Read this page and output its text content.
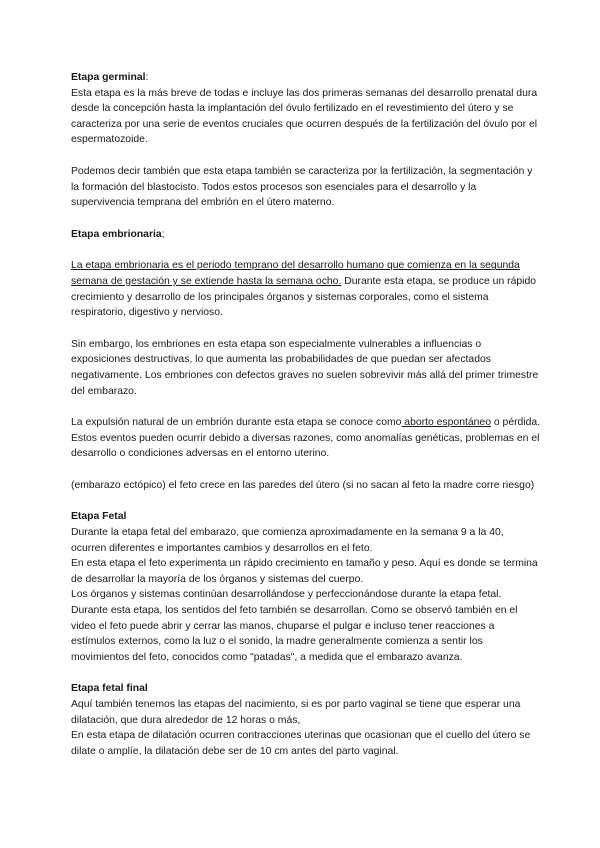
Etapa germinal:

Esta etapa es la más breve de todas e incluye las dos primeras semanas del desarrollo prenatal dura desde la concepción hasta la implantación del óvulo fertilizado en el revestimiento del útero y se caracteriza por una serie de eventos cruciales que ocurren después de la fertilización del óvulo por el espermatozoide.

Podemos decir también que esta etapa también se caracteriza por la fertilización, la segmentación y la formación del blastocisto. Todos estos procesos son esenciales para el desarrollo y la supervivencia temprana del embrión en el útero materno.

Etapa embrionaria;

La etapa embrionaria es el periodo temprano del desarrollo humano que comienza en la segunda semana de gestación y se extiende hasta la semana ocho. Durante esta etapa, se produce un rápido crecimiento y desarrollo de los principales órganos y sistemas corporales, como el sistema respiratorio, digestivo y nervioso.

Sin embargo, los embriones en esta etapa son especialmente vulnerables a influencias o exposiciones destructivas, lo que aumenta las probabilidades de que puedan ser afectados negativamente. Los embriones con defectos graves no suelen sobrevivir más allá del primer trimestre del embarazo.

La expulsión natural de un embrión durante esta etapa se conoce como aborto espontáneo o pérdida. Estos eventos pueden ocurrir debido a diversas razones, como anomalías genéticas, problemas en el desarrollo o condiciones adversas en el entorno uterino.

(embarazo ectópico) el feto crece en las paredes del útero (si no sacan al feto la madre corre riesgo)

Etapa Fetal

Durante la etapa fetal del embarazo, que comienza aproximadamente en la semana 9 a la 40, ocurren diferentes e importantes cambios y desarrollos en el feto.

En esta etapa el feto experimenta un rápido crecimiento en tamaño y peso. Aquí es donde se termina de desarrollar la mayoría de los órganos y sistemas del cuerpo.

Los órganos y sistemas continúan desarrollándose y perfeccionándose durante la etapa fetal.

Durante esta etapa, los sentidos del feto también se desarrollan. Como se observó también en el video el feto puede abrir y cerrar las manos, chuparse el pulgar e incluso tener reacciones a estímulos externos, como la luz o el sonido, la madre generalmente comienza a sentir los movimientos del feto, conocidos como "patadas", a medida que el embarazo avanza.

Etapa fetal final

Aquí también tenemos las etapas del nacimiento, si es por parto vaginal se tiene que esperar una dilatación, que dura alrededor de 12 horas o más,

En esta etapa de dilatación ocurren contracciones uterinas que ocasionan que el cuello del útero se dilate o amplíe, la dilatación debe ser de 10 cm antes del parto vaginal.
